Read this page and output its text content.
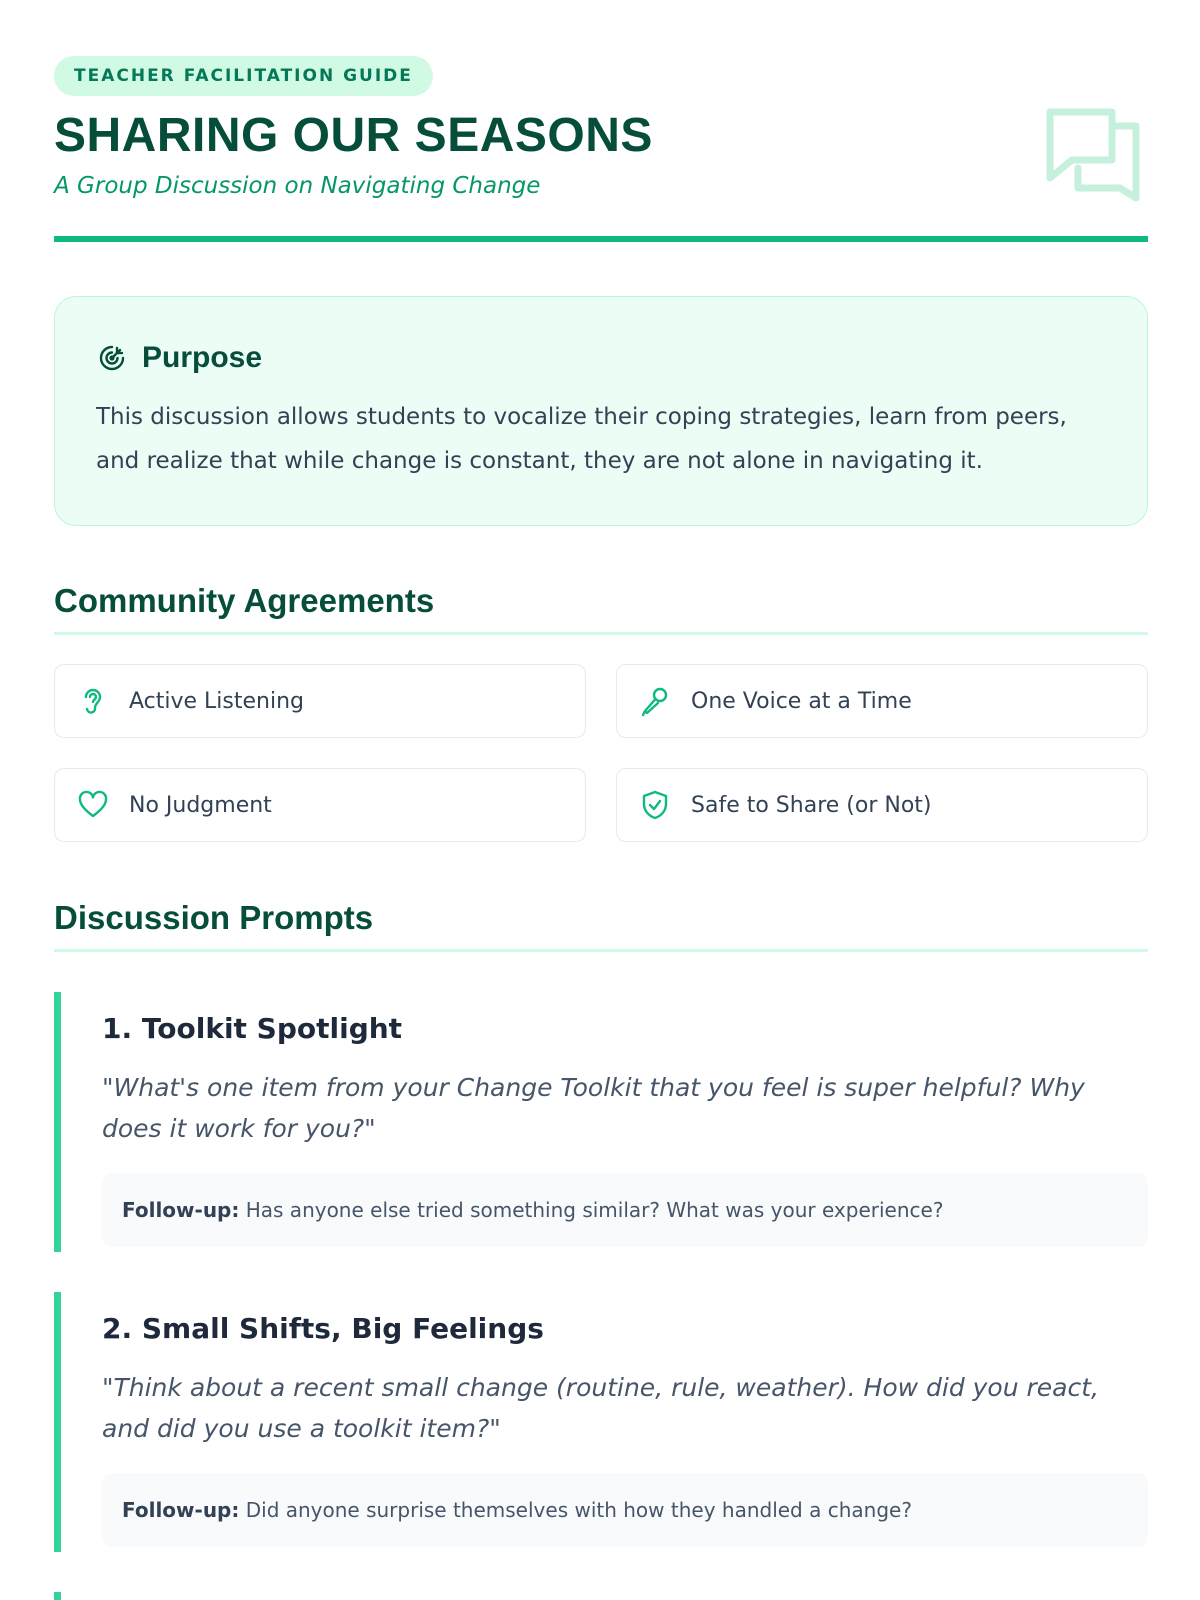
TEACHER FACILITATION GUIDE
SHARING OUR SEASONS

A Group Discussion on Navigating Change

Purpose

This discussion allows students to vocalize their coping strategies, learn from peers, and realize that while change is constant, they are not alone in navigating it.

Community Agreements
Active Listening	One Voice at a Time
No Judgment	Safe to Share (or Not)
Discussion Prompts
1. Toolkit Spotlight

"What's one item from your Change Toolkit that you feel is super helpful? Why does it work for you?"

Follow-up: Has anyone else tried something similar? What was your experience?
2. Small Shifts, Big Feelings

"Think about a recent small change (routine, rule, weather). How did you react, and did you use a toolkit item?"

Follow-up: Did anyone surprise themselves with how they handled a change?
